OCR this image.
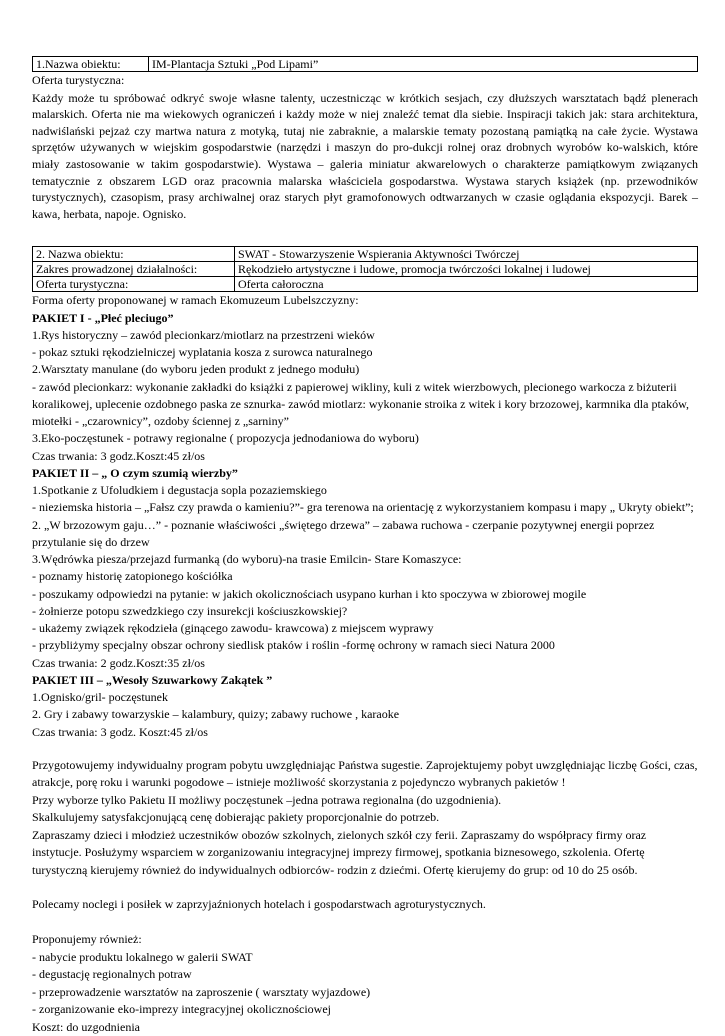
1.Nazwa obiektu:	IM-Plantacja Sztuki „Pod Lipami”
Oferta turystyczna:
Każdy może tu spróbować odkryć swoje własne talenty, uczestnicząc w krótkich sesjach, czy dłuższych warsztatach bądź plenerach malarskich. Oferta nie ma wiekowych ograniczeń i każdy może w niej znaleźć temat dla siebie. Inspiracji takich jak: stara architektura, nadwiślański pejzaż czy martwa natura z motyką, tutaj nie zabraknie, a malarskie tematy pozostaną pamiątką na całe życie. Wystawa sprzętów używanych w wiejskim gospodarstwie (narzędzi i maszyn do pro-dukcji rolnej oraz drobnych wyrobów ko-walskich, które miały zastosowanie w takim gospodarstwie). Wystawa – galeria miniatur akwarelowych o charakterze pamiątkowym związanych tematycznie z obszarem LGD oraz pracownia malarska właściciela gospodarstwa. Wystawa starych książek (np. przewodników turystycznych), czasopism, prasy archiwalnej oraz starych płyt gramofonowych odtwarzanych w czasie oglądania ekspozycji. Barek – kawa, herbata, napoje. Ognisko.
2. Nazwa obiektu:	SWAT - Stowarzyszenie Wspierania Aktywności Twórczej
Zakres prowadzonej działalności:	Rękodzieło artystyczne i ludowe, promocja twórczości lokalnej i ludowej
Oferta turystyczna:	Oferta całoroczna
Forma oferty proponowanej w ramach Ekomuzeum Lubelszczyzny:
PAKIET I - „Płeć pleciugo”
1.Rys historyczny – zawód plecionkarz/miotlarz na przestrzeni wieków
- pokaz sztuki rękodzielniczej wyplatania kosza z surowca naturalnego
2.Warsztaty manulane (do wyboru jeden produkt z jednego modułu)
- zawód plecionkarz: wykonanie zakładki do książki z papierowej wikliny, kuli z witek wierzbowych, plecionego warkocza z biżuterii koralikowej, uplecenie ozdobnego paska ze sznurka- zawód miotlarz: wykonanie stroika z witek i kory brzozowej, karmnika dla ptaków, miotełki - „czarownicy”, ozdoby ściennej z „sarniny”
3.Eko-poczęstunek - potrawy regionalne ( propozycja jednodaniowa do wyboru)
Czas trwania: 3 godz.Koszt:45 zł/os
PAKIET II – „ O czym szumią wierzby”
1.Spotkanie z Ufoludkiem i degustacja sopla pozaziemskiego
- nieziemska historia – „Fałsz czy prawda o kamieniu?”- gra terenowa na orientację z wykorzystaniem kompasu i mapy „ Ukryty obiekt”;
2. „W brzozowym gaju…” - poznanie właściwości „świętego drzewa” – zabawa ruchowa - czerpanie pozytywnej energii poprzez przytulanie się do drzew
3.Wędrówka piesza/przejazd furmanką (do wyboru)-na trasie Emilcin- Stare Komaszyce:
- poznamy historię zatopionego kościółka
- poszukamy odpowiedzi na pytanie: w jakich okolicznościach usypano kurhan i kto spoczywa w zbiorowej mogile
- żołnierze potopu szwedzkiego czy insurekcji kościuszkowskiej?
- ukażemy związek rękodzieła (ginącego zawodu- krawcowa) z miejscem wyprawy
- przybliżymy specjalny obszar ochrony siedlisk ptaków i roślin -formę ochrony w ramach sieci Natura 2000
Czas trwania: 2 godz.Koszt:35 zł/os
PAKIET III – „Wesoły Szuwarkowy Zakątek ”
1.Ognisko/gril- poczęstunek
2. Gry i zabawy towarzyskie – kalambury, quizy; zabawy ruchowe , karaoke
Czas trwania: 3 godz. Koszt:45 zł/os
Przygotowujemy indywidualny program pobytu uwzględniając Państwa sugestie. Zaprojektujemy pobyt uwzględniając liczbę Gości, czas, atrakcje, porę roku i warunki pogodowe – istnieje możliwość skorzystania z pojedynczo wybranych pakietów !
Przy wyborze tylko Pakietu II możliwy poczęstunek –jedna potrawa regionalna (do uzgodnienia).
Skalkulujemy satysfakcjonującą cenę dobierając pakiety proporcjonalnie do potrzeb.
Zapraszamy dzieci i młodzież uczestników obozów szkolnych, zielonych szkół czy ferii. Zapraszamy do współpracy firmy oraz instytucje. Posłużymy wsparciem w zorganizowaniu integracyjnej imprezy firmowej, spotkania biznesowego, szkolenia. Ofertę turystyczną kierujemy również do indywidualnych odbiorców- rodzin z dziećmi. Ofertę kierujemy do grup: od 10 do 25 osób.
Polecamy noclegi i posiłek w zaprzyjaźnionych hotelach i gospodarstwach agroturystycznych.
Proponujemy również:
- nabycie produktu lokalnego w galerii SWAT
- degustację regionalnych potraw
- przeprowadzenie warsztatów na zaproszenie ( warsztaty wyjazdowe)
- zorganizowanie eko-imprezy integracyjnej okolicznościowej
Koszt: do uzgodnienia
